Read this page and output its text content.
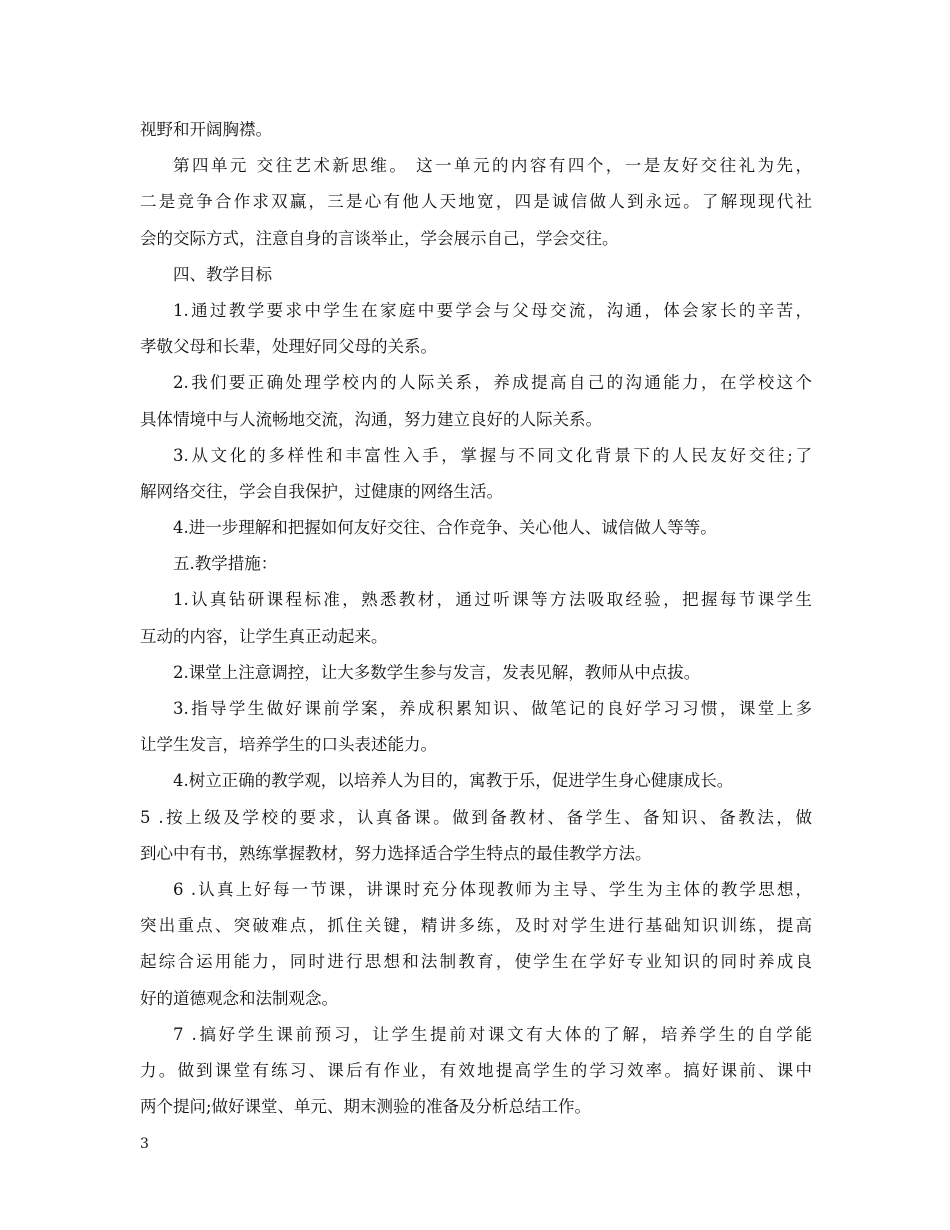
视野和开阔胸襟。
第四单元 交往艺术新思维。 这一单元的内容有四个，一是友好交往礼为先，
二是竞争合作求双赢，三是心有他人天地宽，四是诚信做人到永远。了解现现代社
会的交际方式，注意自身的言谈举止，学会展示自己，学会交往。
四、教学目标
1.通过教学要求中学生在家庭中要学会与父母交流，沟通，体会家长的辛苦，
孝敬父母和长辈，处理好同父母的关系。
2.我们要正确处理学校内的人际关系，养成提高自己的沟通能力，在学校这个
具体情境中与人流畅地交流，沟通，努力建立良好的人际关系。
3.从文化的多样性和丰富性入手，掌握与不同文化背景下的人民友好交往;了
解网络交往，学会自我保护，过健康的网络生活。
4.进一步理解和把握如何友好交往、合作竞争、关心他人、诚信做人等等。
五.教学措施：
1.认真钻研课程标准，熟悉教材，通过听课等方法吸取经验，把握每节课学生
互动的内容，让学生真正动起来。
2.课堂上注意调控，让大多数学生参与发言，发表见解，教师从中点拔。
3.指导学生做好课前学案，养成积累知识、做笔记的良好学习习惯，课堂上多
让学生发言，培养学生的口头表述能力。
4.树立正确的教学观，以培养人为目的，寓教于乐，促进学生身心健康成长。
5 .按上级及学校的要求，认真备课。做到备教材、备学生、备知识、备教法，做
到心中有书，熟练掌握教材，努力选择适合学生特点的最佳教学方法。
6 .认真上好每一节课，讲课时充分体现教师为主导、学生为主体的教学思想，
突出重点、突破难点，抓住关键，精讲多练，及时对学生进行基础知识训练，提高
起综合运用能力，同时进行思想和法制教育，使学生在学好专业知识的同时养成良
好的道德观念和法制观念。
7 .搞好学生课前预习，让学生提前对课文有大体的了解，培养学生的自学能
力。做到课堂有练习、课后有作业，有效地提高学生的学习效率。搞好课前、课中
两个提问;做好课堂、单元、期末测验的准备及分析总结工作。
3
